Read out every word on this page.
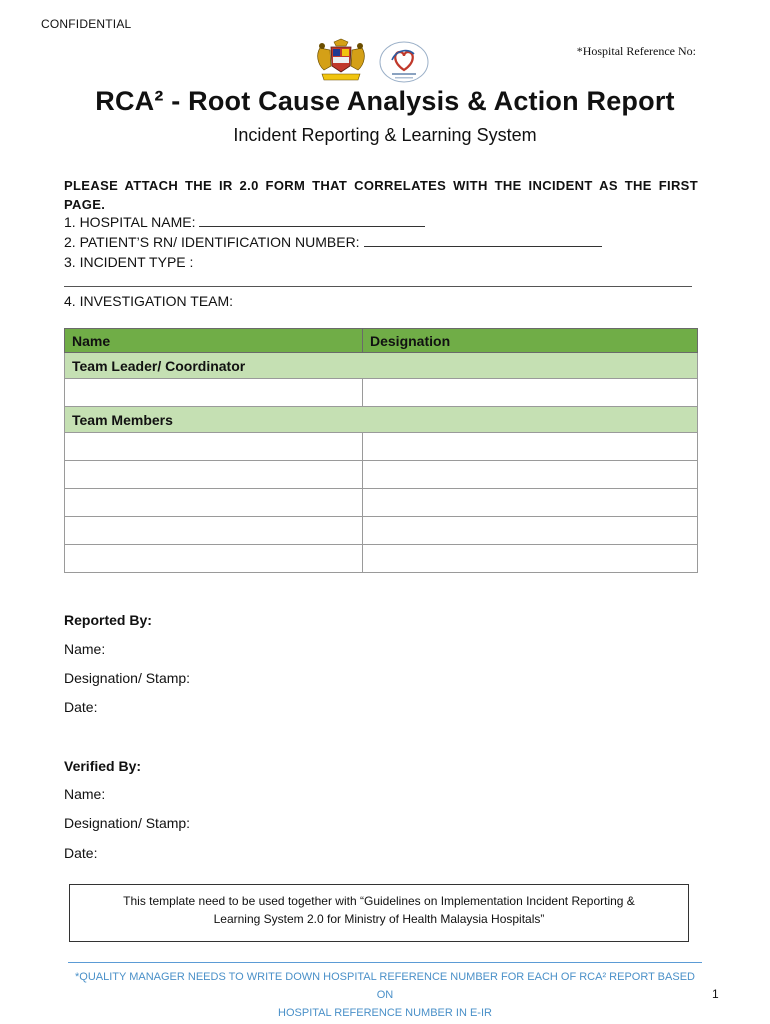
CONFIDENTIAL
*Hospital Reference No:
RCA² - Root Cause Analysis & Action Report
Incident Reporting & Learning System
PLEASE ATTACH THE IR 2.0 FORM THAT CORRELATES WITH THE INCIDENT AS THE FIRST
PAGE.
1. HOSPITAL NAME:
2. PATIENT’S RN/ IDENTIFICATION NUMBER:
3. INCIDENT TYPE :
4. INVESTIGATION TEAM:
Name	Designation
Team Leader/ Coordinator	

Team Members	

Reported By:
Name:
Designation/ Stamp:
Date:
Verified By:
Name:
Designation/ Stamp:
Date:
This template need to be used together with “Guidelines on Implementation Incident Reporting &
Learning System 2.0 for Ministry of Health Malaysia Hospitals”
*QUALITY MANAGER NEEDS TO WRITE DOWN HOSPITAL REFERENCE NUMBER FOR EACH OF RCA² REPORT BASED ON
HOSPITAL REFERENCE NUMBER IN E-IR
1
